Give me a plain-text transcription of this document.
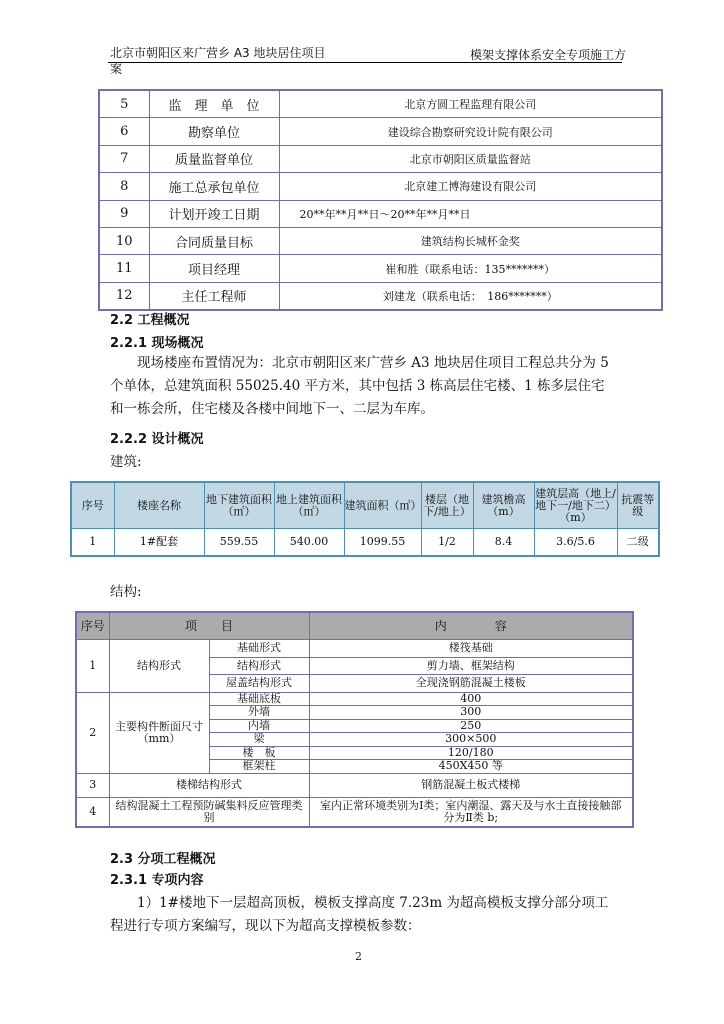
北京市朝阳区来广营乡 A3 地块居住项目	模架支撑体系安全专项施工方
案
5	监　理　单　位	北京方圆工程监理有限公司
6	勘察单位	建设综合勘察研究设计院有限公司
7	质量监督单位	北京市朝阳区质量监督站
8	施工总承包单位	北京建工博海建设有限公司
9	计划开竣工日期	20**年**月**日～20**年**月**日
10	合同质量目标	建筑结构长城杯金奖
11	项目经理	崔和胜（联系电话：135*******）
12	主任工程师	刘建龙（联系电话：　186*******）
2.2 工程概况
2.2.1 现场概况
　　现场楼座布置情况为：北京市朝阳区来广营乡 A3 地块居住项目工程总共分为 5 个单体，总建筑面积 55025.40 平方米，其中包括 3 栋高层住宅楼、1 栋多层住宅和一栋会所，住宅楼及各楼中间地下一、二层为车库。
2.2.2 设计概况
建筑:
序号	楼座名称	地下建筑面积（㎡）	地上建筑面积（㎡）	建筑面积（㎡）	楼层（地下/地上）	建筑檐高（m）	建筑层高（地上/地下一/地下二）（m）	抗震等级
1	1#配套	559.55	540.00	1099.55	1/2	8.4	3.6/5.6	二级
结构:
序号	项　　目		内　　　　容
1	结构形式	基础形式	楼筏基础
		结构形式	剪力墙、框架结构
		屋盖结构形式	全现浇钢筋混凝土楼板
2	主要构件断面尺寸（mm）	基础底板	400
		外墙	300
		内墙	250
		梁	300×500
		楼　板	120/180
		框架柱	450X450 等
3	楼梯结构形式		钢筋混凝土板式楼梯
4	结构混凝土工程预防碱集料反应管理类别		室内正常环境类别为Ⅰ类；室内潮湿、露天及与水土直接接触部分为Ⅱ类 b;
2.3 分项工程概况
2.3.1 专项内容
　　1）1#楼地下一层超高顶板，模板支撑高度 7.23m 为超高模板支撑分部分项工程进行专项方案编写，现以下为超高支撑模板参数：
2
